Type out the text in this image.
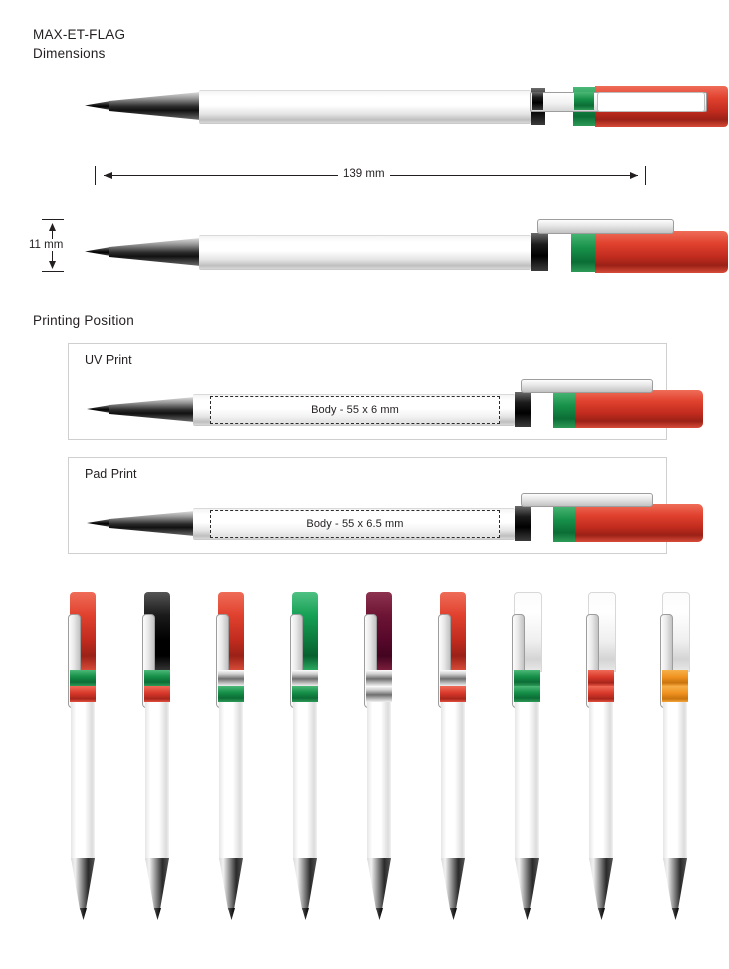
MAX-ET-FLAG
Dimensions
139 mm
11 mm
Printing Position
UV Print
Body - 55 x 6 mm
Pad Print
Body - 55 x 6.5 mm
